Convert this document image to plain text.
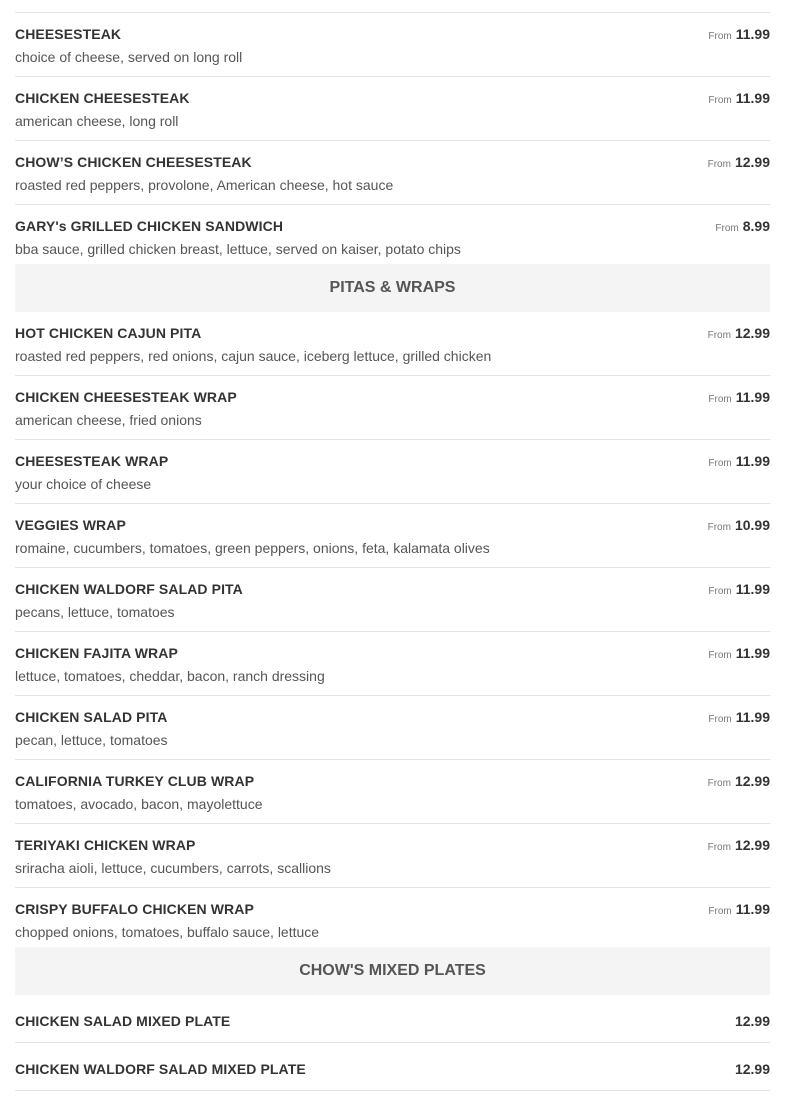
CHEESESTEAK
choice of cheese, served on long roll
From 11.99
CHICKEN CHEESESTEAK
american cheese, long roll
From 11.99
CHOW’S CHICKEN CHEESESTEAK
roasted red peppers, provolone, American cheese, hot sauce
From 12.99
GARY's GRILLED CHICKEN SANDWICH
bba sauce, grilled chicken breast, lettuce, served on kaiser, potato chips
From 8.99
PITAS & WRAPS
HOT CHICKEN CAJUN PITA
roasted red peppers, red onions, cajun sauce, iceberg lettuce, grilled chicken
From 12.99
CHICKEN CHEESESTEAK WRAP
american cheese, fried onions
From 11.99
CHEESESTEAK WRAP
your choice of cheese
From 11.99
VEGGIES WRAP
romaine, cucumbers, tomatoes, green peppers, onions, feta, kalamata olives
From 10.99
CHICKEN WALDORF SALAD PITA
pecans, lettuce, tomatoes
From 11.99
CHICKEN FAJITA WRAP
lettuce, tomatoes, cheddar, bacon, ranch dressing
From 11.99
CHICKEN SALAD PITA
pecan, lettuce, tomatoes
From 11.99
CALIFORNIA TURKEY CLUB WRAP
tomatoes, avocado, bacon, mayolettuce
From 12.99
TERIYAKI CHICKEN WRAP
sriracha aioli, lettuce, cucumbers, carrots, scallions
From 12.99
CRISPY BUFFALO CHICKEN WRAP
chopped onions, tomatoes, buffalo sauce, lettuce
From 11.99
CHOW'S MIXED PLATES
CHICKEN SALAD MIXED PLATE	12.99
CHICKEN WALDORF SALAD MIXED PLATE	12.99
